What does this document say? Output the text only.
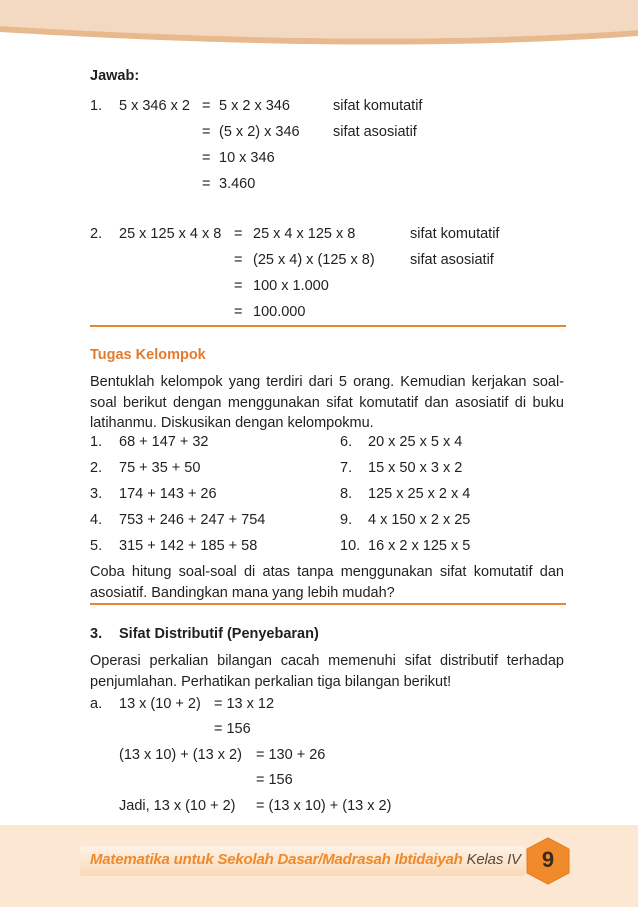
Jawab:
1. 5 x 346 x 2 = 5 x 2 x 346	sifat komutatif
= (5 x 2) x 346 sifat asosiatif
= 10 x 346
= 3.460
2. 25 x 125 x 4 x 8 = 25 x 4 x 125 x 8	sifat komutatif
= (25 x 4) x (125 x 8) sifat asosiatif
= 100 x 1.000
= 100.000
Tugas Kelompok
Bentuklah kelompok yang terdiri dari 5 orang. Kemudian kerjakan soal-soal berikut dengan menggunakan sifat komutatif dan asosiatif di buku latihanmu. Diskusikan dengan kelompokmu.
1. 68 + 147 + 32	6. 20 x 25 x 5 x 4
2. 75 + 35 + 50	7. 15 x 50 x 3 x 2
3. 174 + 143 + 26	8. 125 x 25 x 2 x 4
4. 753 + 246 + 247 + 754	9. 4 x 150 x 2 x 25
5. 315 + 142 + 185 + 58	10. 16 x 2 x 125 x 5
Coba hitung soal-soal di atas tanpa menggunakan sifat komutatif dan asosiatif. Bandingkan mana yang lebih mudah?
3. Sifat Distributif (Penyebaran)
Operasi perkalian bilangan cacah memenuhi sifat distributif terhadap penjumlahan. Perhatikan perkalian tiga bilangan berikut!
a. 13 x (10 + 2) = 13 x 12
= 156
(13 x 10) + (13 x 2) = 130 + 26
= 156
Jadi, 13 x (10 + 2) = (13 x 10) + (13 x 2)
Matematika untuk Sekolah Dasar/Madrasah Ibtidaiyah Kelas IV 9
